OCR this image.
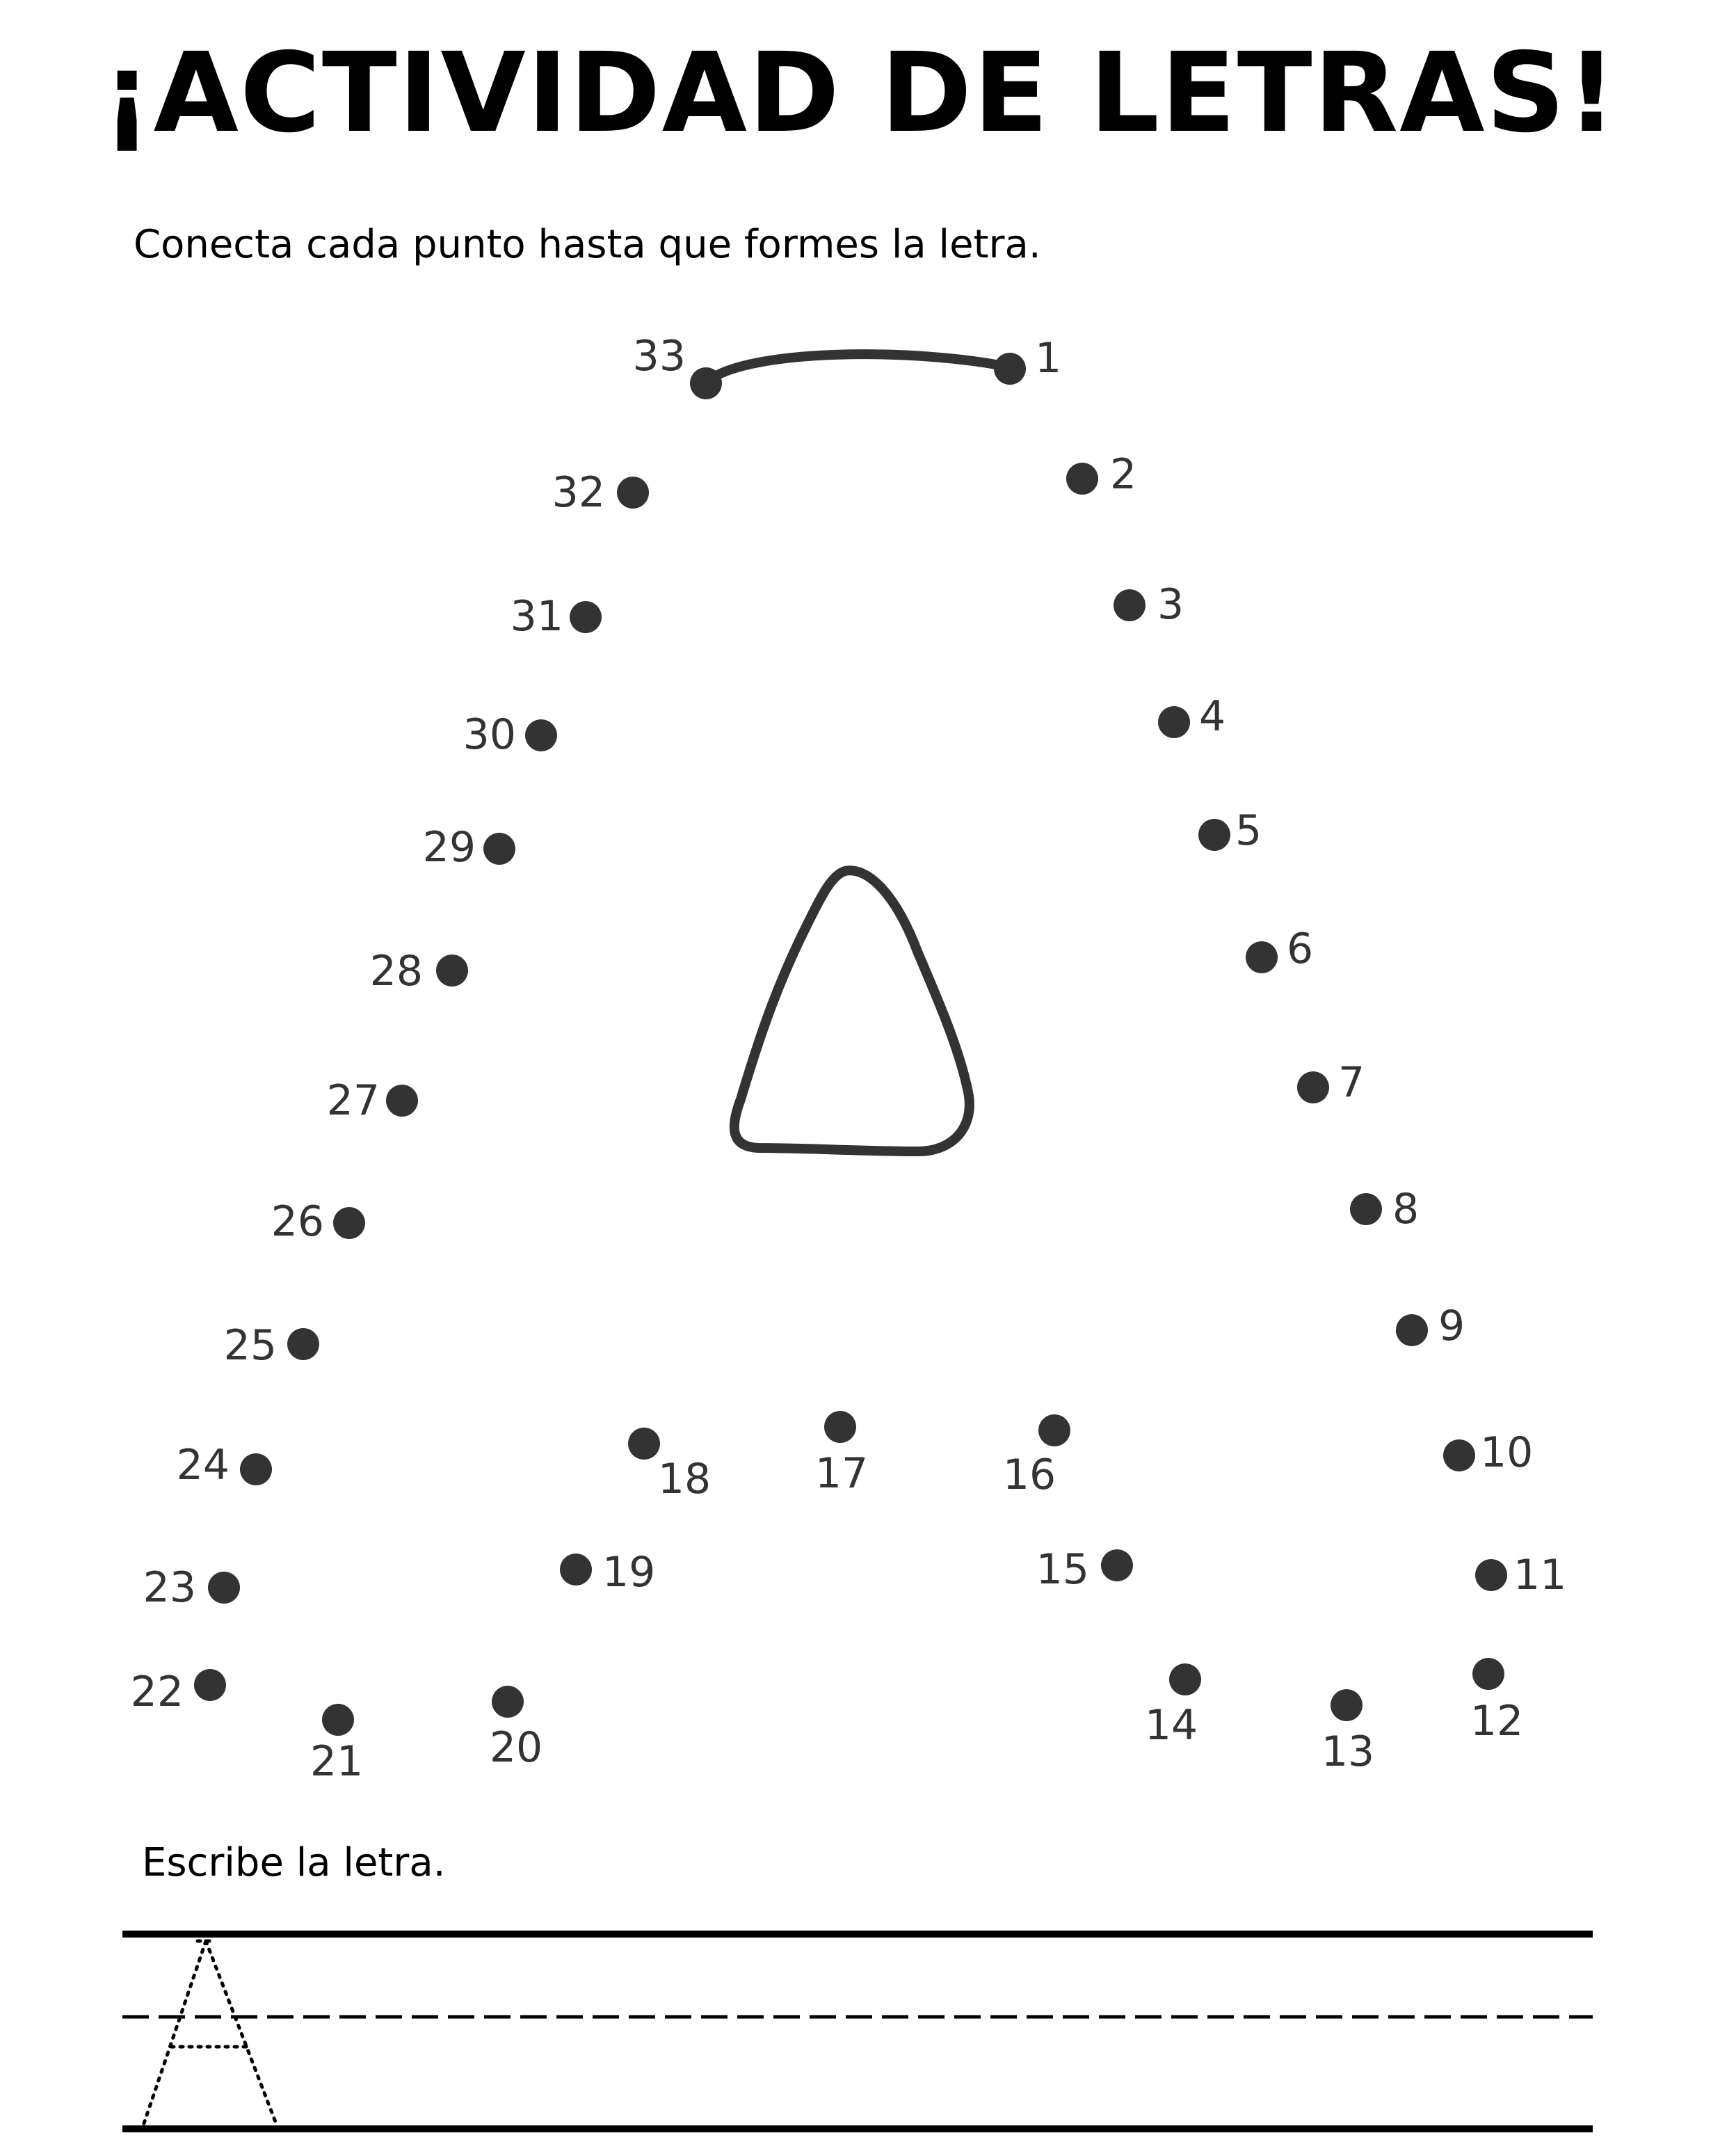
¡ACTIVIDAD DE LETRAS!
Conecta cada punto hasta que formes la letra.
1
2
3
4
5
6
7
8
9
10
11
12
13
14
15
16
17
18
19
20
21
22
23
24
25
26
27
28
29
30
31
32
33
Escribe la letra.
